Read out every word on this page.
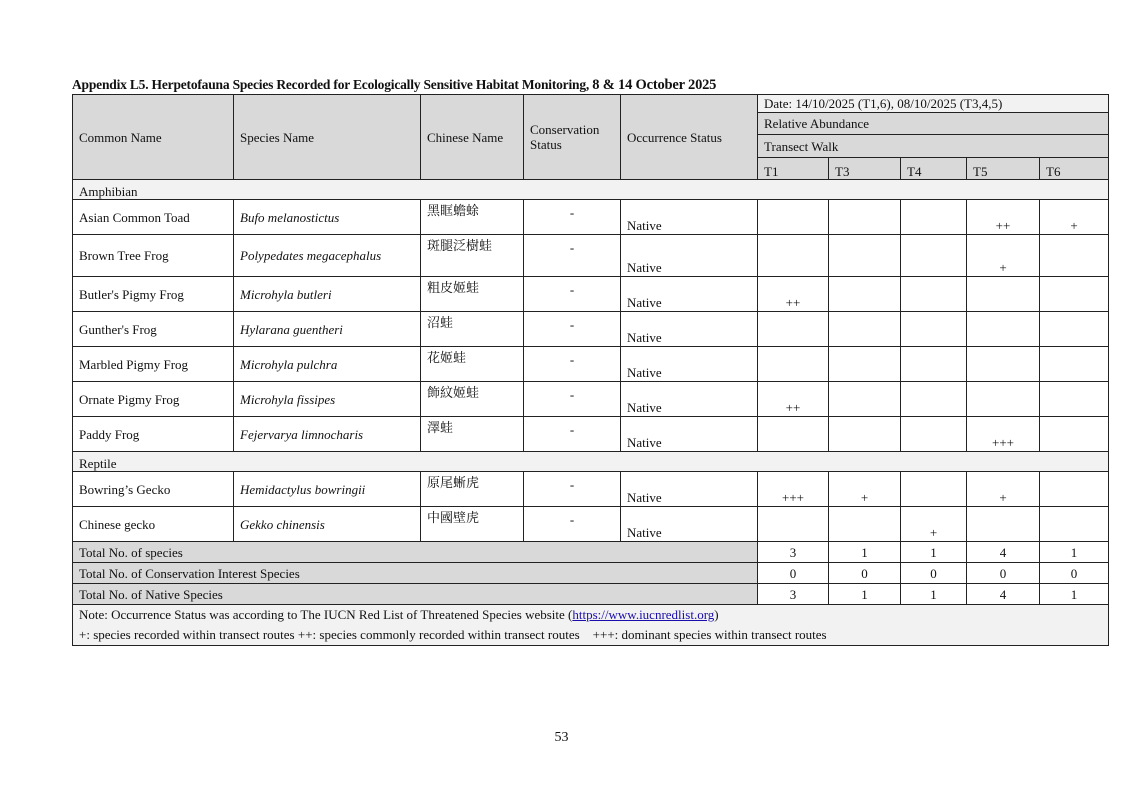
Appendix L5. Herpetofauna Species Recorded for Ecologically Sensitive Habitat Monitoring, 8 & 14 October 2025
Common Name	Species Name	Chinese Name	Conservation Status	Occurrence Status	Date: 14/10/2025 (T1,6), 08/10/2025 (T3,4,5)				
					Relative Abundance				
					Transect Walk				
					T1	T3	T4	T5	T6
Amphibian									
Asian Common Toad	Bufo melanostictus	黑眶蟾蜍	-	Native				++	+
Brown Tree Frog	Polypedates megacephalus	斑腿泛樹蛙	-	Native				+	
Butler's Pigmy Frog	Microhyla butleri	粗皮姬蛙	-	Native	++				
Gunther's Frog	Hylarana guentheri	沼蛙	-	Native					
Marbled Pigmy Frog	Microhyla pulchra	花姬蛙	-	Native					
Ornate Pigmy Frog	Microhyla fissipes	飾紋姬蛙	-	Native	++				
Paddy Frog	Fejervarya limnocharis	澤蛙	-	Native				+++	
Reptile									
Bowring’s Gecko	Hemidactylus bowringii	原尾蜥虎	-	Native	+++	+		+	
Chinese gecko	Gekko chinensis	中國壁虎	-	Native			+		
Total No. of species					3	1	1	4	1
Total No. of Conservation Interest Species					0	0	0	0	0
Total No. of Native Species					3	1	1	4	1

Note: Occurrence Status was according to The IUCN Red List of Threatened Species website (https://www.iucnredlist.org)
+: species recorded within transect routes ++: species commonly recorded within transect routes +++: dominant species within transect routes									
53
